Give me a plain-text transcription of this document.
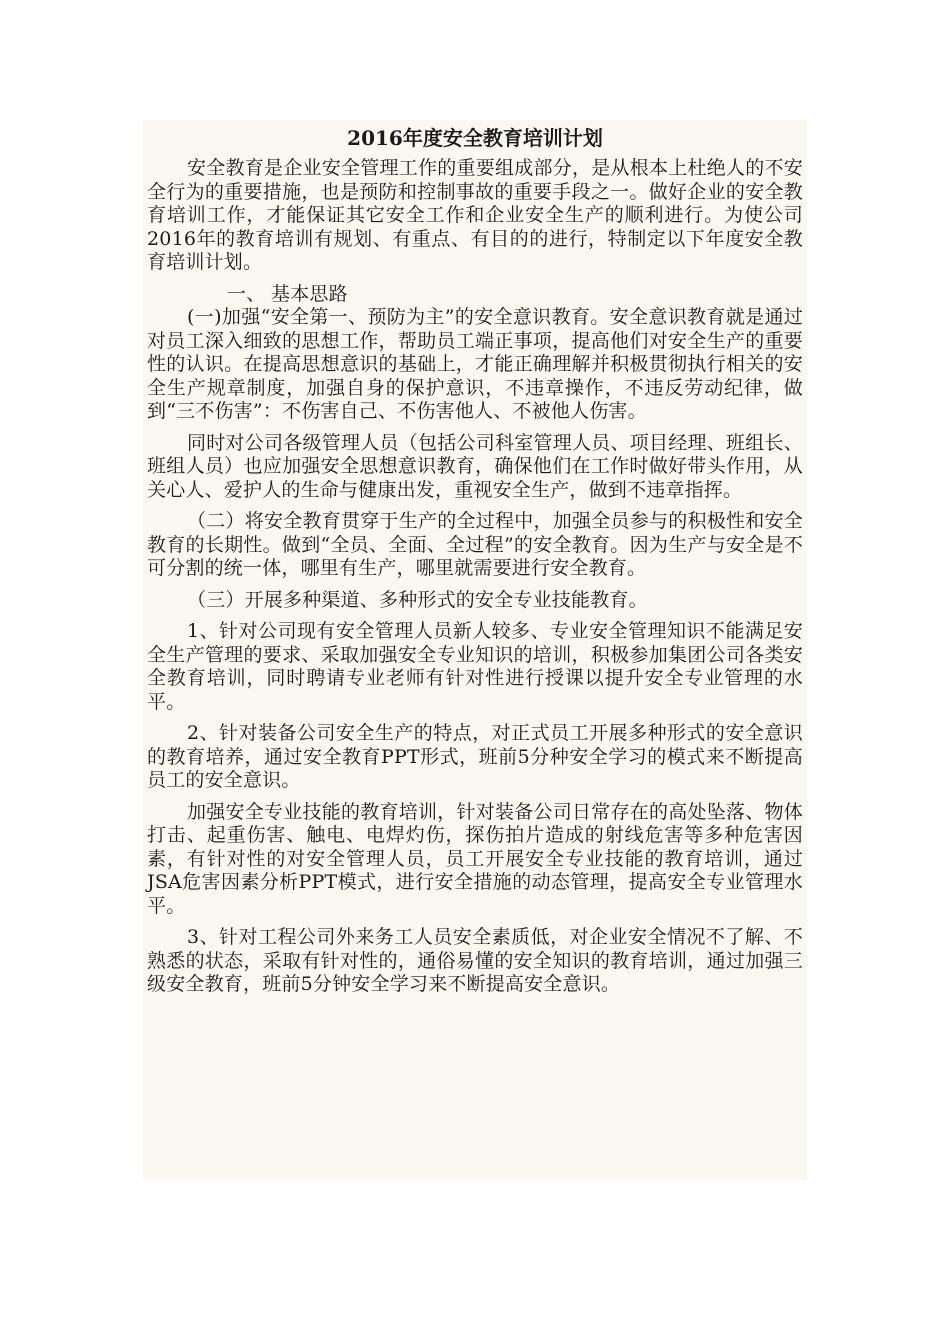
2016年度安全教育培训计划

安全教育是企业安全管理工作的重要组成部分，是从根本上杜绝人的不安全行为的重要措施，也是预防和控制事故的重要手段之一。做好企业的安全教育培训工作，才能保证其它安全工作和企业安全生产的顺利进行。为使公司2016年的教育培训有规划、有重点、有目的的进行，特制定以下年度安全教育培训计划。

一、 基本思路

(一)加强“安全第一、预防为主”的安全意识教育。安全意识教育就是通过对员工深入细致的思想工作，帮助员工端正事项，提高他们对安全生产的重要性的认识。在提高思想意识的基础上，才能正确理解并积极贯彻执行相关的安全生产规章制度，加强自身的保护意识，不违章操作，不违反劳动纪律，做到“三不伤害”：不伤害自己、不伤害他人、不被他人伤害。

同时对公司各级管理人员（包括公司科室管理人员、项目经理、班组长、班组人员）也应加强安全思想意识教育，确保他们在工作时做好带头作用，从关心人、爱护人的生命与健康出发，重视安全生产，做到不违章指挥。

（二）将安全教育贯穿于生产的全过程中，加强全员参与的积极性和安全教育的长期性。做到“全员、全面、全过程”的安全教育。因为生产与安全是不可分割的统一体，哪里有生产，哪里就需要进行安全教育。

（三）开展多种渠道、多种形式的安全专业技能教育。

1、针对公司现有安全管理人员新人较多、专业安全管理知识不能满足安全生产管理的要求、采取加强安全专业知识的培训，积极参加集团公司各类安全教育培训，同时聘请专业老师有针对性进行授课以提升安全专业管理的水平。

2、针对装备公司安全生产的特点，对正式员工开展多种形式的安全意识的教育培养，通过安全教育PPT形式，班前5分种安全学习的模式来不断提高员工的安全意识。

加强安全专业技能的教育培训，针对装备公司日常存在的高处坠落、物体打击、起重伤害、触电、电焊灼伤，探伤拍片造成的射线危害等多种危害因素，有针对性的对安全管理人员，员工开展安全专业技能的教育培训，通过JSA危害因素分析PPT模式，进行安全措施的动态管理，提高安全专业管理水平。

3、针对工程公司外来务工人员安全素质低，对企业安全情况不了解、不熟悉的状态，采取有针对性的，通俗易懂的安全知识的教育培训，通过加强三级安全教育，班前5分钟安全学习来不断提高安全意识。
